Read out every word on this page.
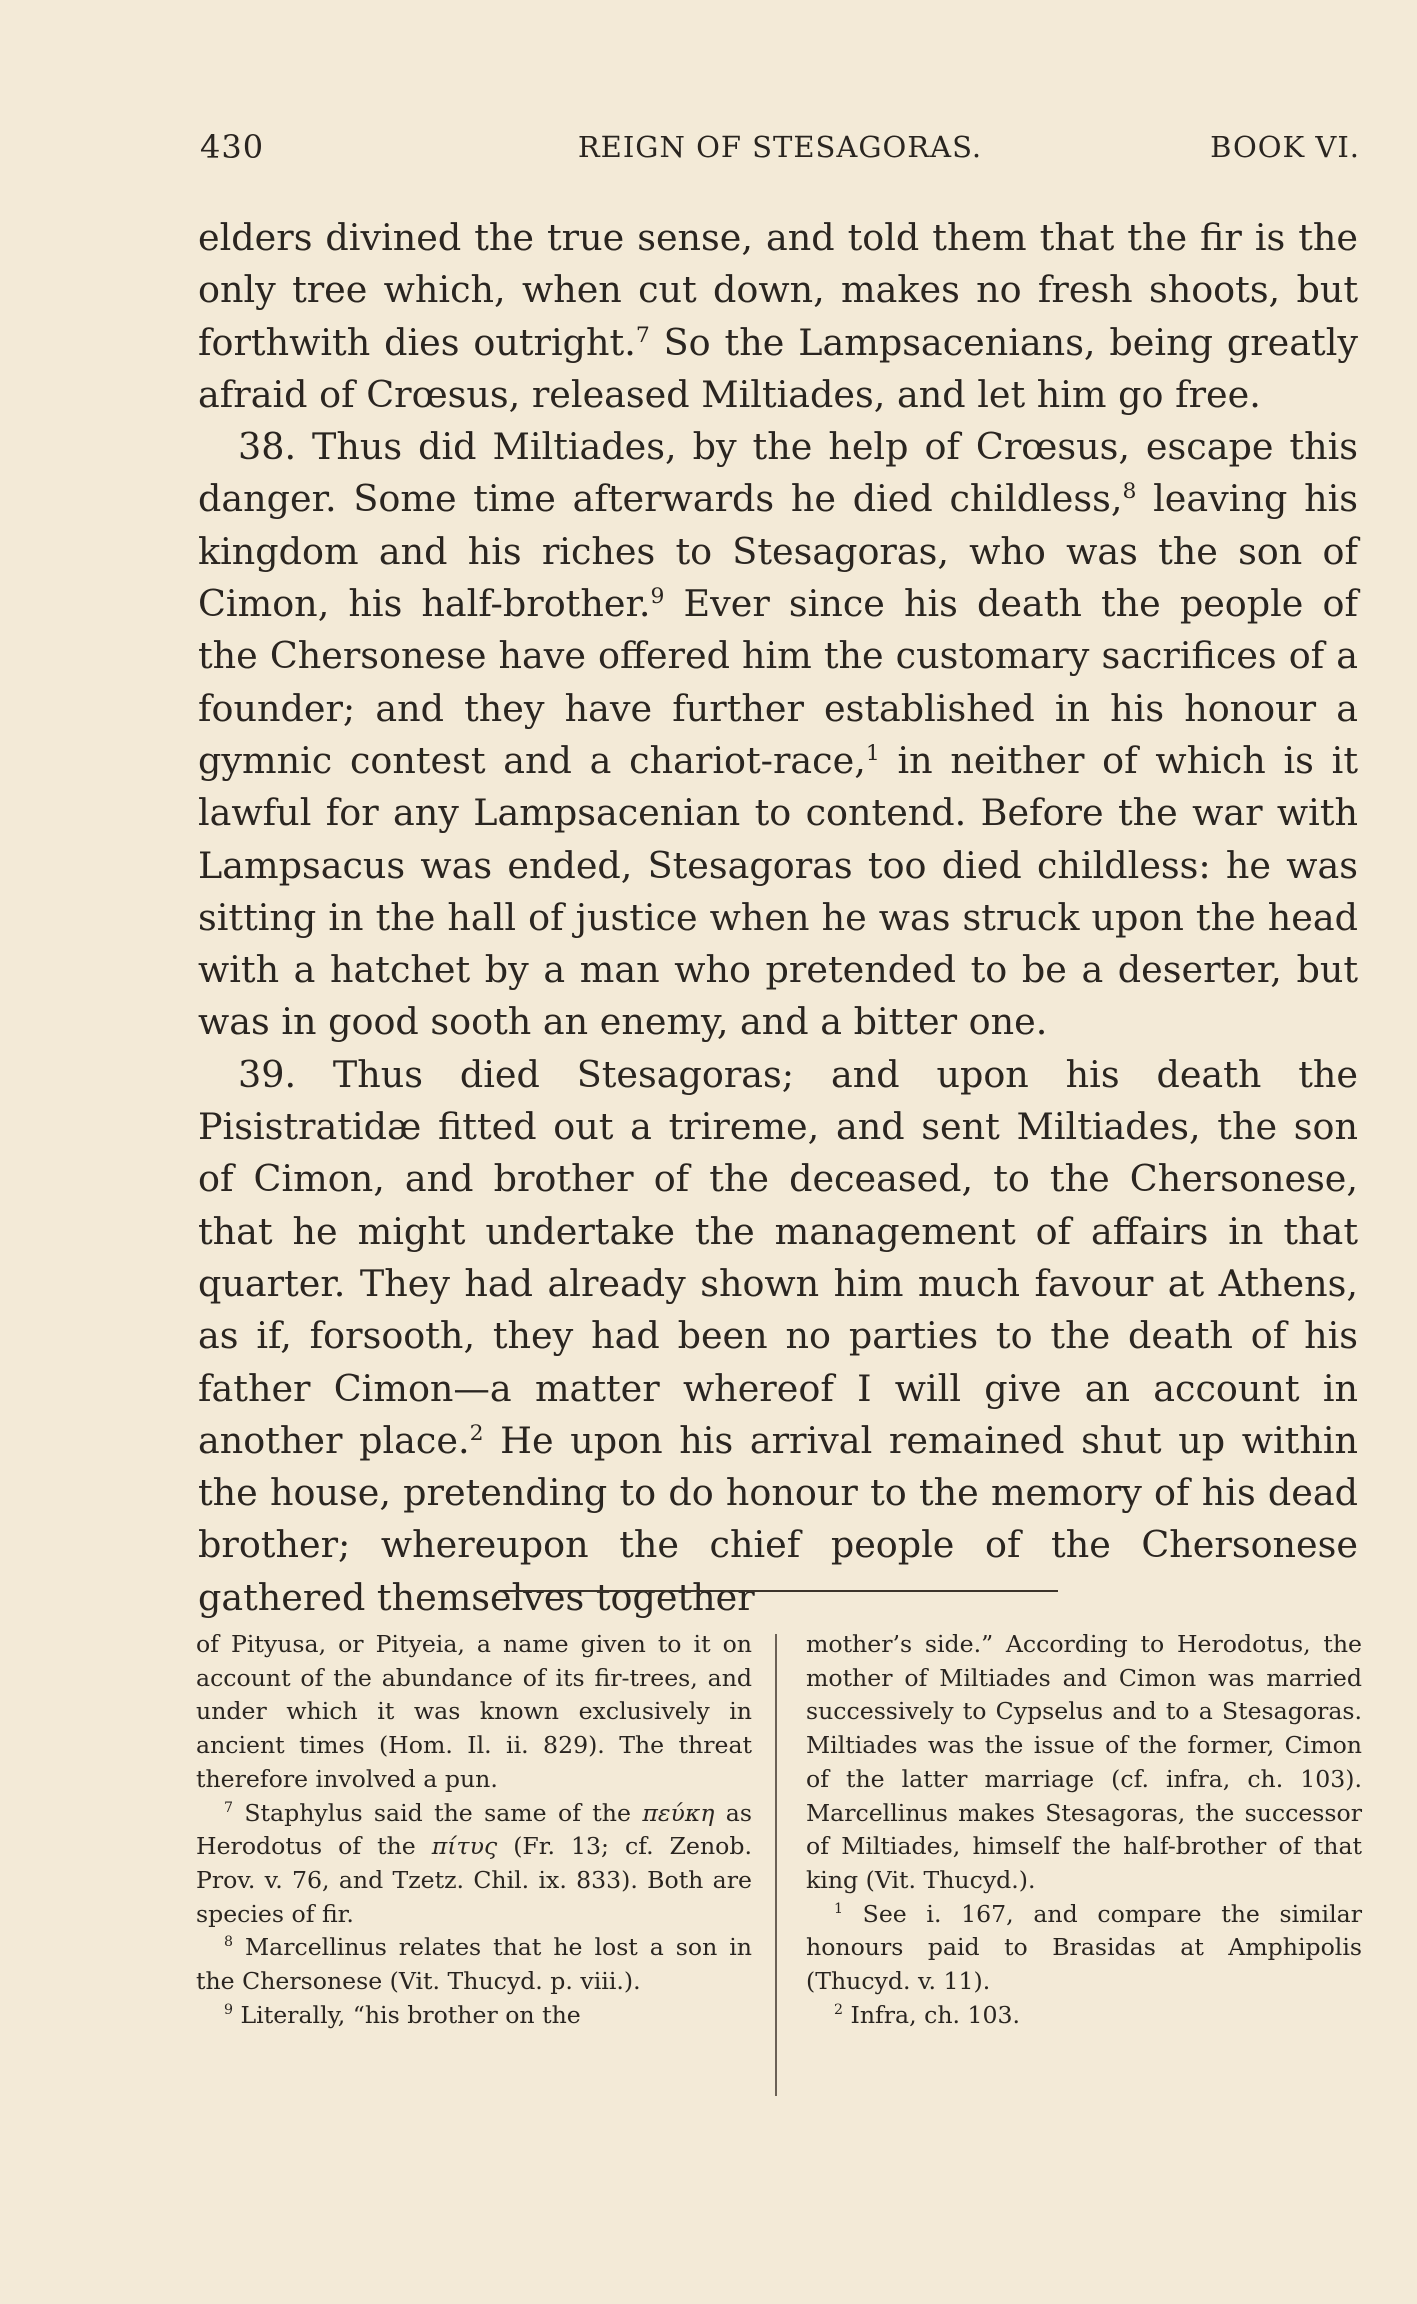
430	REIGN OF STESAGORAS.	BOOK VI.

elders divined the true sense, and told them that the fir is the only tree which, when cut down, makes no fresh shoots, but forthwith dies outright.$^7$ So the Lampsacenians, being greatly afraid of Crœsus, released Miltiades, and let him go free.

38. Thus did Miltiades, by the help of Crœsus, escape this danger. Some time afterwards he died childless,$^8$ leaving his kingdom and his riches to Stesagoras, who was the son of Cimon, his half-brother.$^9$ Ever since his death the people of the Chersonese have offered him the customary sacrifices of a founder; and they have further established in his honour a gymnic contest and a chariot-race,$^1$ in neither of which is it lawful for any Lampsacenian to contend. Before the war with Lampsacus was ended, Stesagoras too died childless: he was sitting in the hall of justice when he was struck upon the head with a hatchet by a man who pretended to be a deserter, but was in good sooth an enemy, and a bitter one.

39. Thus died Stesagoras; and upon his death the Pisistratidæ fitted out a trireme, and sent Miltiades, the son of Cimon, and brother of the deceased, to the Chersonese, that he might undertake the management of affairs in that quarter. They had already shown him much favour at Athens, as if, forsooth, they had been no parties to the death of his father Cimon—a matter whereof I will give an account in another place.$^2$ He upon his arrival remained shut up within the house, pretending to do honour to the memory of his dead brother; whereupon the chief people of the Chersonese gathered themselves together

of Pityusa, or Pityeia, a name given to it on account of the abundance of its fir-trees, and under which it was known exclusively in ancient times (Hom. Il. ii. 829). The threat therefore involved a pun.

$^7$ Staphylus said the same of the πεύκη as Herodotus of the πίτυς (Fr. 13; cf. Zenob. Prov. v. 76, and Tzetz. Chil. ix. 833). Both are species of fir.

$^8$ Marcellinus relates that he lost a son in the Chersonese (Vit. Thucyd. p. viii.).

$^9$ Literally, “his brother on the

mother’s side.” According to Herodotus, the mother of Miltiades and Cimon was married successively to Cypselus and to a Stesagoras. Miltiades was the issue of the former, Cimon of the latter marriage (cf. infra, ch. 103). Marcellinus makes Stesagoras, the successor of Miltiades, himself the half-brother of that king (Vit. Thucyd.).

$^1$ See i. 167, and compare the similar honours paid to Brasidas at Amphipolis (Thucyd. v. 11).

$^2$ Infra, ch. 103.
